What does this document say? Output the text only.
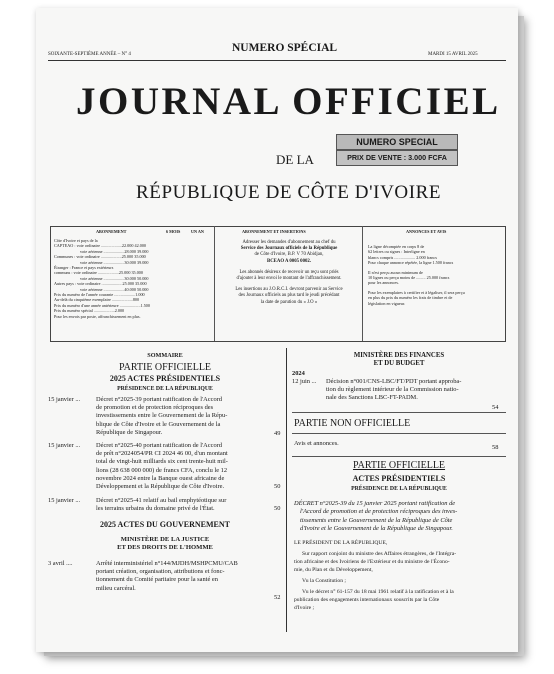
SOIXANTE-SEPTIÈME ANNÉE – N° 4
NUMERO SPÉCIAL
MARDI 15 AVRIL 2025
JOURNAL OFFICIEL
DE LA
RÉPUBLIQUE DE CÔTE D'IVOIRE
NUMERO SPECIAL
PRIX DE VENTE : 3.000 FCFA
ABONNEMENT	6 MOIS	UN AN
Côte d'Ivoire et pays de la
CAPTEAO : voie ordinaire ....................22.000 42.000
voie aérienne ....................28.000 39.000
Communes : voie ordinaire ....................25.000 35.000
voie aérienne ....................30.000 39.000
Étranger : France et pays extérieurs
communs : voie ordinaire ....................25.000 35.000
voie aérienne ....................30.000 50.000
Autres pays : voie ordinaire ....................25.000 35.000
voie aérienne ....................40.000 50.000
Prix du numéro de l'année courante ....................1.000
Au-delà du cinquième exemplaire ....................800
Prix du numéro d'une année antérieure ....................1.500
Prix du numéro spécial ....................2.000
Pour les envois par poste, affranchissement en plus.
ABONNEMENT ET INSERTIONS
Adresser les demandes d'abonnement au chef du
Service des Journaux officiels de la République
de Côte d'Ivoire, B.P. V 70 Abidjan,
BCEAO A 0005 0002.
Les abonnés désireux de recevoir un reçu sont priés
d'ajouter à leur envoi le montant de l'affranchissement.
Les insertions au J.O.R.C.I. devront parvenir au Service
des Journaux officiels au plus tard le jeudi précédant
la date de parution du « J.O »
ANNONCES ET AVIS
La ligne décomptée en corps 8 de
62 lettres ou signes : Interligne en
blancs compris .................... 2.000 francs
Pour chaque annonce répétée, la ligne 1.500 francs
Il n'est perçu aucun minimum de
10 lignes ou perçu moins de ......... 25.000 francs
pour les annonces.
Pour les exemplaires à certifier et à légaliser, il sera perçu
en plus du prix du numéro les frais de timbre et de
législation en vigueur.
SOMMAIRE
PARTIE OFFICIELLE
2025 ACTES PRÉSIDENTIELS
PRÉSIDENCE DE LA RÉPUBLIQUE
15 janvier ... Décret n°2025-39 portant ratification de l'Accord
de promotion et de protection réciproques des
investissements entre le Gouvernement de la Répu-
blique de Côte d'Ivoire et le Gouvernement de la
République de Singapour.	49
15 janvier ... Décret n°2025-40 portant ratification de l'Accord
de prêt n°2024054/PR CI 2024 46 00, d'un montant
total de vingt-huit milliards six cent trente-huit mil-
lions (28 638 000 000) de francs CFA, conclu le 12
novembre 2024 entre la Banque ouest africaine de
Développement et la République de Côte d'Ivoire.	50
15 janvier ... Décret n°2025-41 relatif au bail emphytéotique sur
les terrains urbains du domaine privé de l'État.	50
2025 ACTES DU GOUVERNEMENT
MINISTÈRE DE LA JUSTICE
ET DES DROITS DE L'HOMME
3 avril ....	Arrêté interministériel n°144/MJDH/MSHPCMU/CAB
portant création, organisation, attributions et fonc-
tionnement du Comité paritaire pour la santé en
milieu carcéral.
52
MINISTÈRE DES FINANCES
ET DU BUDGET
2024
12 juin ... Décision n°001/CNS-LBC/FT/PDT portant approba-
tion du règlement intérieur de la Commission natio-
nale des Sanctions LBC-FT-PADM.
54
PARTIE NON OFFICIELLE
Avis et annonces.
58
PARTIE OFFICIELLE
ACTES PRÉSIDENTIELS
PRÉSIDENCE DE LA RÉPUBLIQUE
DÉCRET n°2025-39 du 15 janvier 2025 portant ratification de
l'Accord de promotion et de protection réciproques des inves-
tissements entre le Gouvernement de la République de Côte
d'Ivoire et le Gouvernement de la République de Singapour.
LE PRÉSIDENT DE LA RÉPUBLIQUE,
Sur rapport conjoint du ministre des Affaires étrangères, de l'Intégra-
tion africaine et des Ivoiriens de l'Extérieur et du ministre de l'Écono-
mie, du Plan et du Développement,
Vu la Constitution ;
Vu le décret n° 61-157 du 18 mai 1961 relatif à la ratification et à la
publication des engagements internationaux souscrits par la Côte
d'Ivoire ;
